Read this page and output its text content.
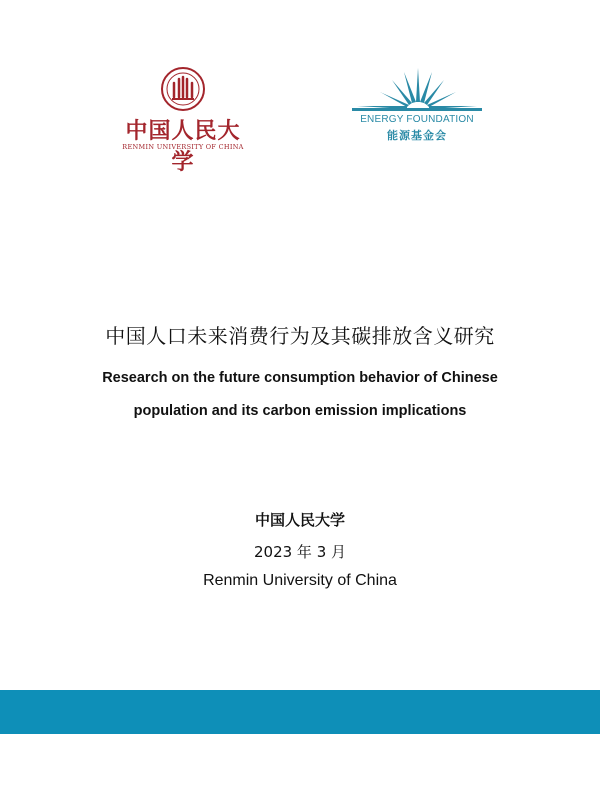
中国人民大学
RENMIN UNIVERSITY OF CHINA
ENERGY FOUNDATION
能源基金会
中国人口未来消费行为及其碳排放含义研究
Research on the future consumption behavior of Chinese
population and its carbon emission implications
中国人民大学
2023 年 3 月
Renmin University of China
